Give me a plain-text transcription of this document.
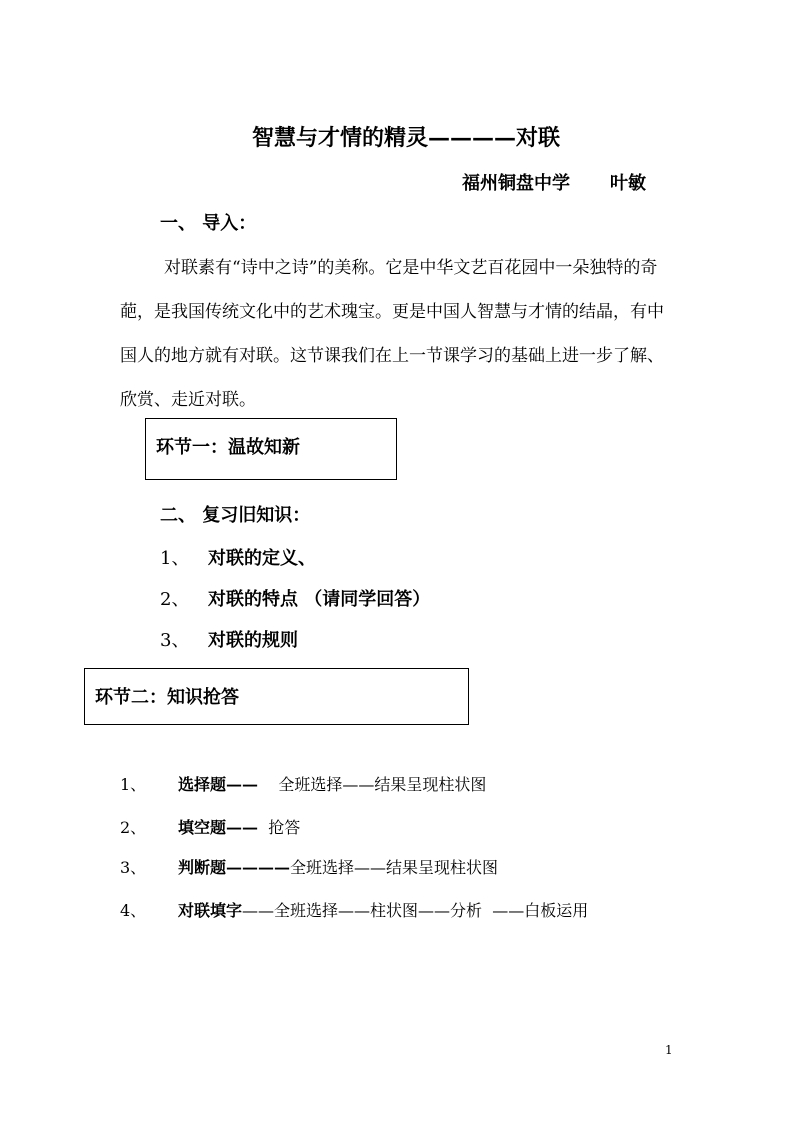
智慧与才情的精灵————对联
福州铜盘中学 叶敏
一、 导入：
对联素有“诗中之诗”的美称。它是中华文艺百花园中一朵独特的奇葩，是我国传统文化中的艺术瑰宝。更是中国人智慧与才情的结晶，有中国人的地方就有对联。这节课我们在上一节课学习的基础上进一步了解、欣赏、走近对联。
环节一：温故知新
二、 复习旧知识：
1、 对联的定义、
2、 对联的特点 （请同学回答）
3、 对联的规则
环节二：知识抢答
1、 选择题——    全班选择——结果呈现柱状图
2、 填空题——  抢答
3、 判断题————全班选择——结果呈现柱状图
4、 对联填字——全班选择——柱状图——分析  ——白板运用
1
